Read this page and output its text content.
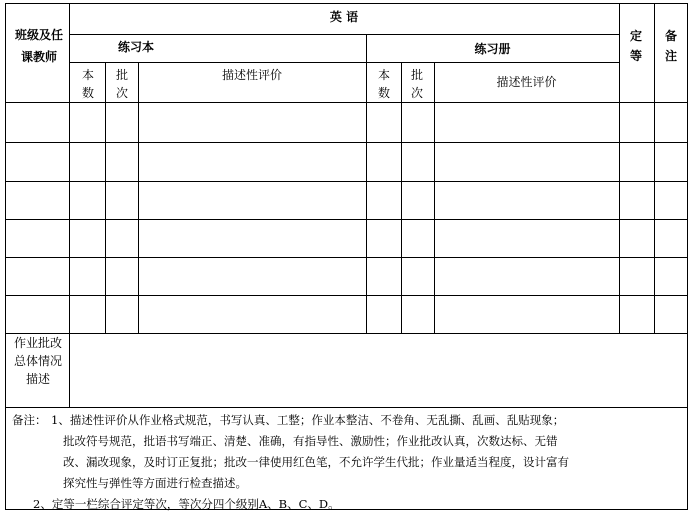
班级及任课教师
英 语
练习本	练习册
定等
备注
本数
批次
描述性评价	本数
批次
描述性评价
作业批改总体情况描述
备注： 1、描述性评价从作业格式规范，书写认真、工整；作业本整洁、不卷角、无乱撕、乱画、乱贴现象；
批改符号规范，批语书写端正、清楚、准确，有指导性、激励性；作业批改认真，次数达标、无错
改、漏改现象，及时订正复批；批改一律使用红色笔，不允许学生代批；作业量适当程度，设计富有
探究性与弹性等方面进行检查描述。
2、定等一栏综合评定等次，等次分四个级别A、B、C、D。
